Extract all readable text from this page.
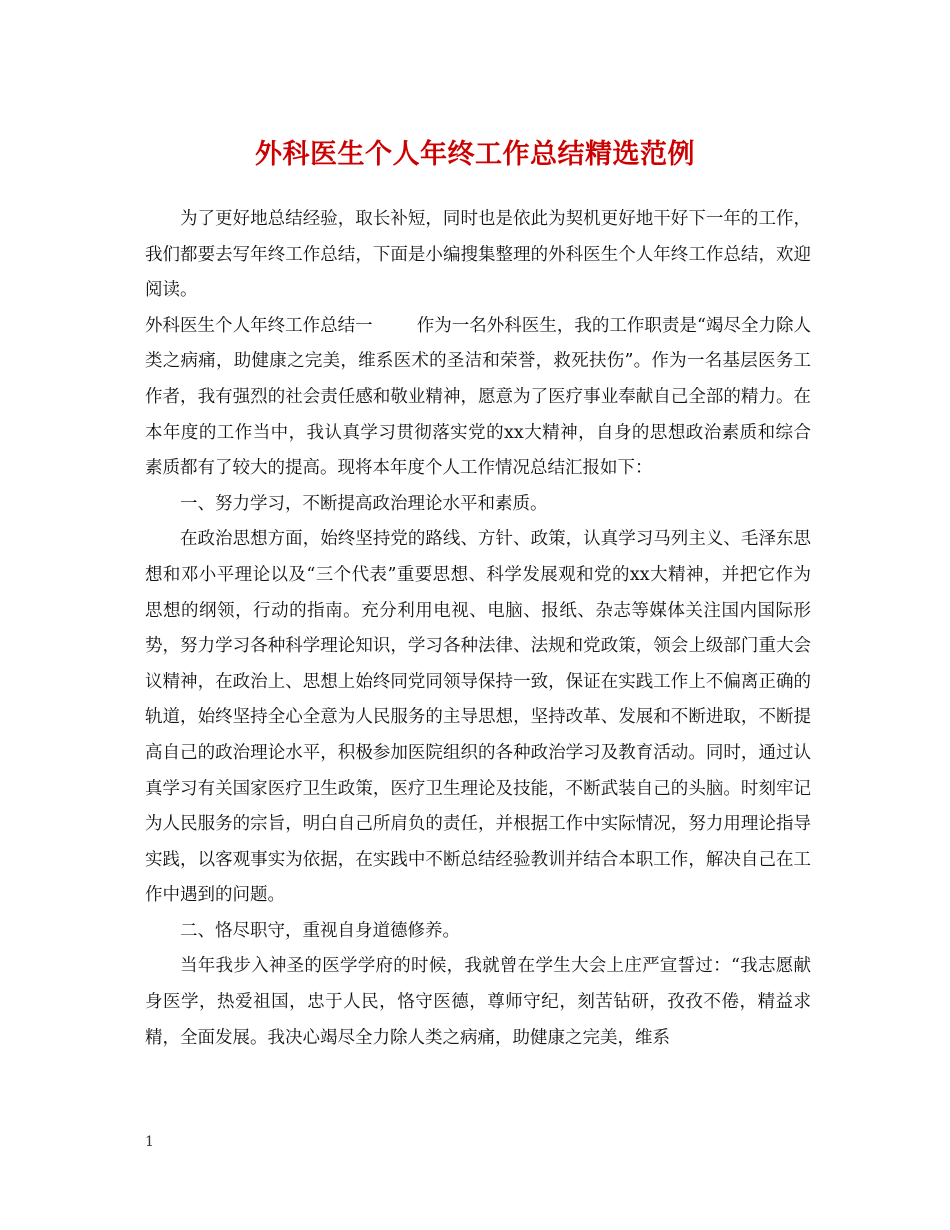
外科医生个人年终工作总结精选范例

为了更好地总结经验，取长补短，同时也是依此为契机更好地干好下一年的工作，我们都要去写年终工作总结，下面是小编搜集整理的外科医生个人年终工作总结，欢迎阅读。

外科医生个人年终工作总结一	作为一名外科医生，我的工作职责是“竭尽全力除人类之病痛，助健康之完美，维系医术的圣洁和荣誉，救死扶伤”。作为一名基层医务工作者，我有强烈的社会责任感和敬业精神，愿意为了医疗事业奉献自己全部的精力。在本年度的工作当中，我认真学习贯彻落实党的xx大精神，自身的思想政治素质和综合素质都有了较大的提高。现将本年度个人工作情况总结汇报如下：

一、努力学习，不断提高政治理论水平和素质。

在政治思想方面，始终坚持党的路线、方针、政策，认真学习马列主义、毛泽东思想和邓小平理论以及“三个代表”重要思想、科学发展观和党的xx大精神，并把它作为思想的纲领，行动的指南。充分利用电视、电脑、报纸、杂志等媒体关注国内国际形势，努力学习各种科学理论知识，学习各种法律、法规和党政策，领会上级部门重大会议精神，在政治上、思想上始终同党同领导保持一致，保证在实践工作上不偏离正确的轨道，始终坚持全心全意为人民服务的主导思想，坚持改革、发展和不断进取，不断提高自己的政治理论水平，积极参加医院组织的各种政治学习及教育活动。同时，通过认真学习有关国家医疗卫生政策，医疗卫生理论及技能，不断武装自己的头脑。时刻牢记为人民服务的宗旨，明白自己所肩负的责任，并根据工作中实际情况，努力用理论指导实践，以客观事实为依据，在实践中不断总结经验教训并结合本职工作，解决自己在工作中遇到的问题。

二、恪尽职守，重视自身道德修养。

当年我步入神圣的医学学府的时候，我就曾在学生大会上庄严宣誓过：“我志愿献身医学，热爱祖国，忠于人民，恪守医德，尊师守纪，刻苦钻研，孜孜不倦，精益求精，全面发展。我决心竭尽全力除人类之病痛，助健康之完美，维系

1
